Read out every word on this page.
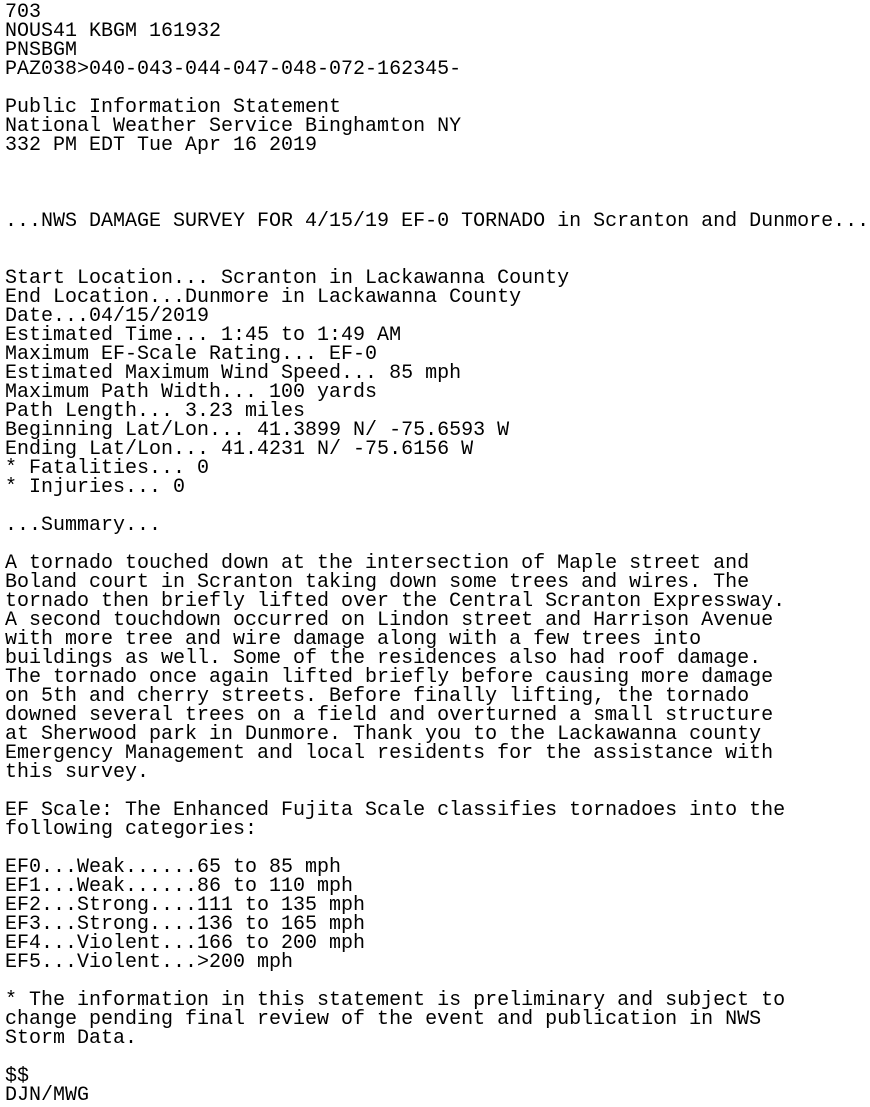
703
NOUS41 KBGM 161932
PNSBGM
PAZ038>040-043-044-047-048-072-162345-
Public Information Statement
National Weather Service Binghamton NY
332 PM EDT Tue Apr 16 2019
...NWS DAMAGE SURVEY FOR 4/15/19 EF-0 TORNADO in Scranton and Dunmore...
Start Location... Scranton in Lackawanna County
End Location...Dunmore in Lackawanna County
Date...04/15/2019
Estimated Time... 1:45 to 1:49 AM
Maximum EF-Scale Rating... EF-0
Estimated Maximum Wind Speed... 85 mph
Maximum Path Width... 100 yards
Path Length... 3.23 miles
Beginning Lat/Lon... 41.3899 N/ -75.6593 W
Ending Lat/Lon... 41.4231 N/ -75.6156 W
* Fatalities... 0
* Injuries... 0
...Summary...
A tornado touched down at the intersection of Maple street and
Boland court in Scranton taking down some trees and wires. The
tornado then briefly lifted over the Central Scranton Expressway.
A second touchdown occurred on Lindon street and Harrison Avenue
with more tree and wire damage along with a few trees into
buildings as well. Some of the residences also had roof damage.
The tornado once again lifted briefly before causing more damage
on 5th and cherry streets. Before finally lifting, the tornado
downed several trees on a field and overturned a small structure
at Sherwood park in Dunmore. Thank you to the Lackawanna county
Emergency Management and local residents for the assistance with
this survey.
EF Scale: The Enhanced Fujita Scale classifies tornadoes into the
following categories:
EF0...Weak......65 to 85 mph
EF1...Weak......86 to 110 mph
EF2...Strong....111 to 135 mph
EF3...Strong....136 to 165 mph
EF4...Violent...166 to 200 mph
EF5...Violent...>200 mph
* The information in this statement is preliminary and subject to
change pending final review of the event and publication in NWS
Storm Data.
$$
DJN/MWG
